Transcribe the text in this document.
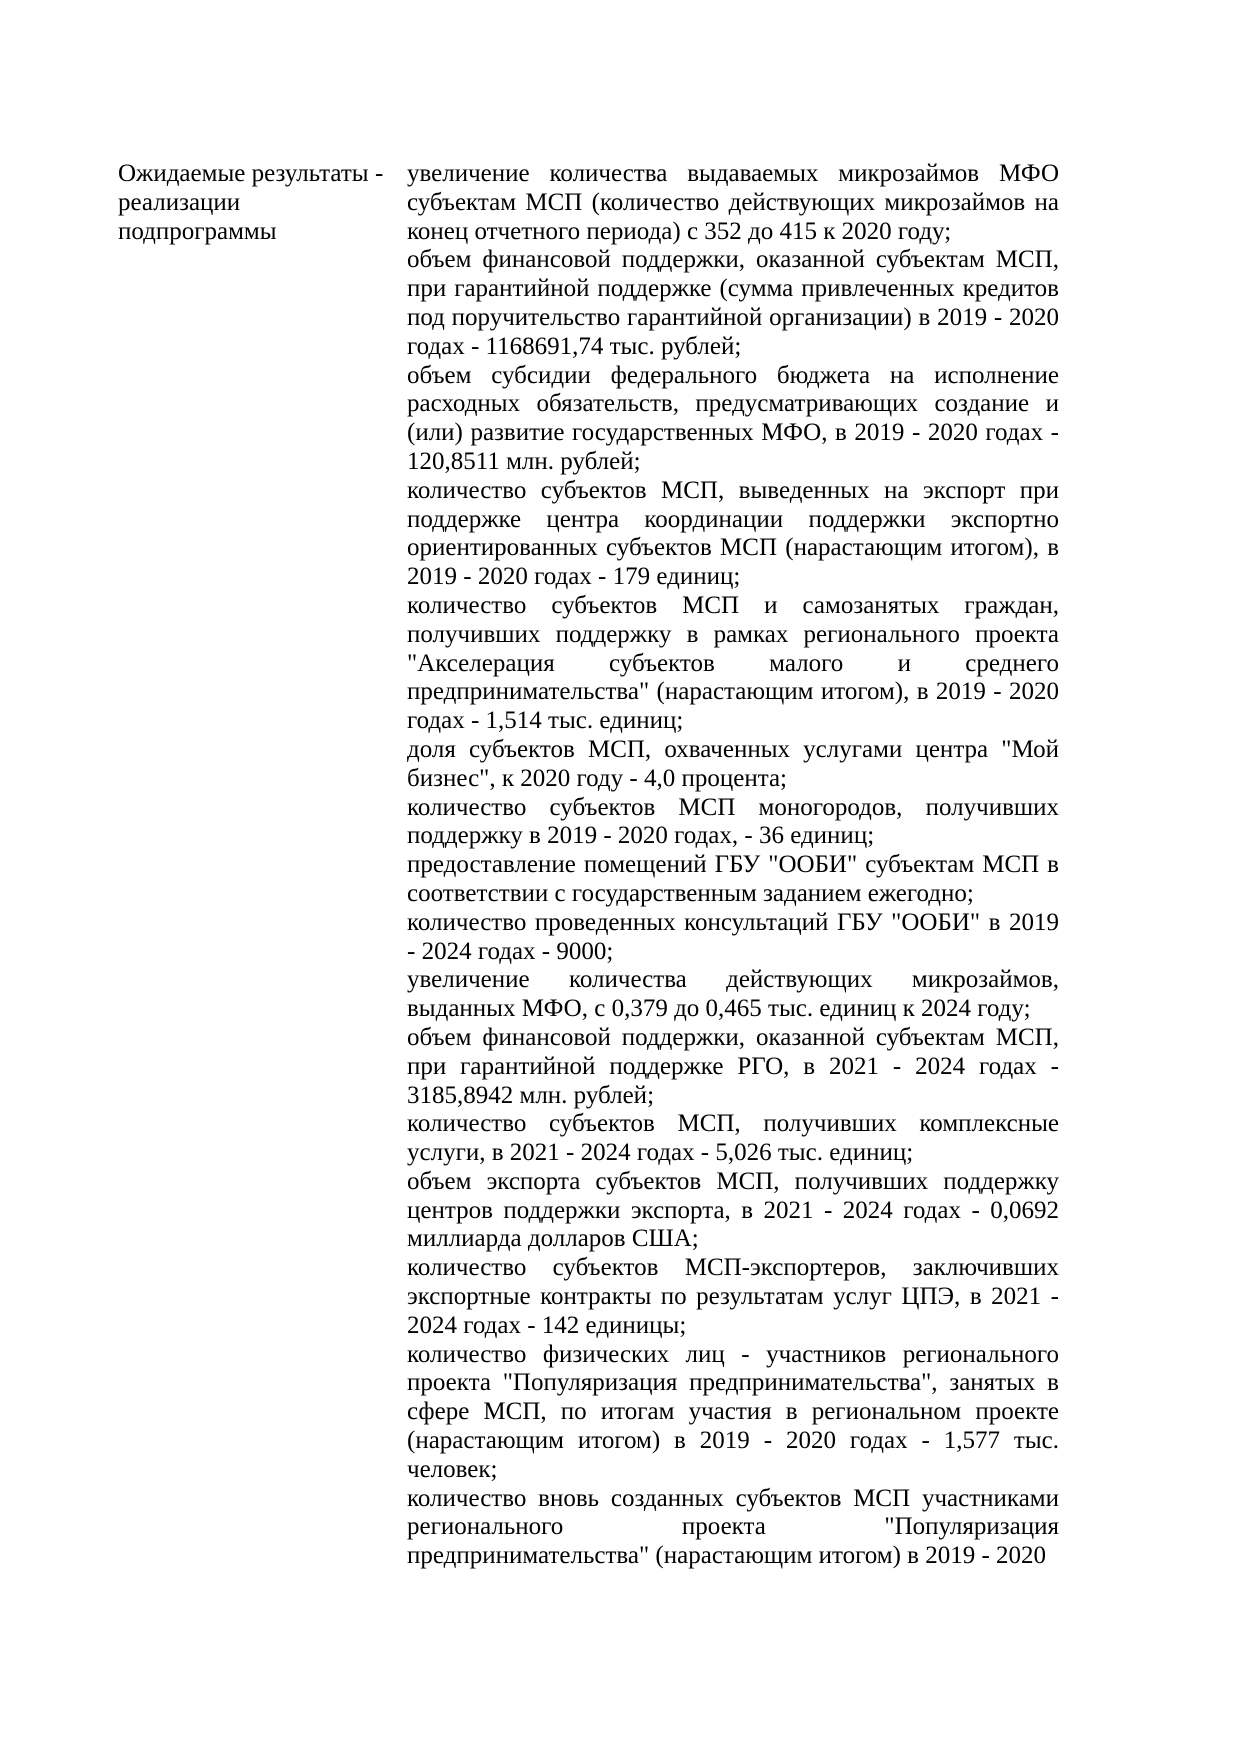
Ожидаемые результаты реализации подпрограммы
- увеличение количества выдаваемых микрозаймов МФО субъектам МСП (количество действующих микрозаймов на конец отчетного периода) с 352 до 415 к 2020 году;

объем финансовой поддержки, оказанной субъектам МСП, при гарантийной поддержке (сумма привлеченных кредитов под поручительство гарантийной организации) в 2019 - 2020 годах - 1168691,74 тыс. рублей;

объем субсидии федерального бюджета на исполнение расходных обязательств, предусматривающих создание и (или) развитие государственных МФО, в 2019 - 2020 годах - 120,8511 млн. рублей;

количество субъектов МСП, выведенных на экспорт при поддержке центра координации поддержки экспортно ориентированных субъектов МСП (нарастающим итогом), в 2019 - 2020 годах - 179 единиц;

количество субъектов МСП и самозанятых граждан, получивших поддержку в рамках регионального проекта "Акселерация субъектов малого и среднего предпринимательства" (нарастающим итогом), в 2019 - 2020 годах - 1,514 тыс. единиц;

доля субъектов МСП, охваченных услугами центра "Мой бизнес", к 2020 году - 4,0 процента;

количество субъектов МСП моногородов, получивших поддержку в 2019 - 2020 годах, - 36 единиц;

предоставление помещений ГБУ "ООБИ" субъектам МСП в соответствии с государственным заданием ежегодно;

количество проведенных консультаций ГБУ "ООБИ" в 2019 - 2024 годах - 9000;

увеличение количества действующих микрозаймов, выданных МФО, с 0,379 до 0,465 тыс. единиц к 2024 году;

объем финансовой поддержки, оказанной субъектам МСП, при гарантийной поддержке РГО, в 2021 - 2024 годах - 3185,8942 млн. рублей;

количество субъектов МСП, получивших комплексные услуги, в 2021 - 2024 годах - 5,026 тыс. единиц;

объем экспорта субъектов МСП, получивших поддержку центров поддержки экспорта, в 2021 - 2024 годах - 0,0692 миллиарда долларов США;

количество субъектов МСП-экспортеров, заключивших экспортные контракты по результатам услуг ЦПЭ, в 2021 - 2024 годах - 142 единицы;

количество физических лиц - участников регионального проекта "Популяризация предпринимательства", занятых в сфере МСП, по итогам участия в региональном проекте (нарастающим итогом) в 2019 - 2020 годах - 1,577 тыс. человек;

количество вновь созданных субъектов МСП участниками регионального проекта "Популяризация предпринимательства" (нарастающим итогом) в 2019 - 2020
